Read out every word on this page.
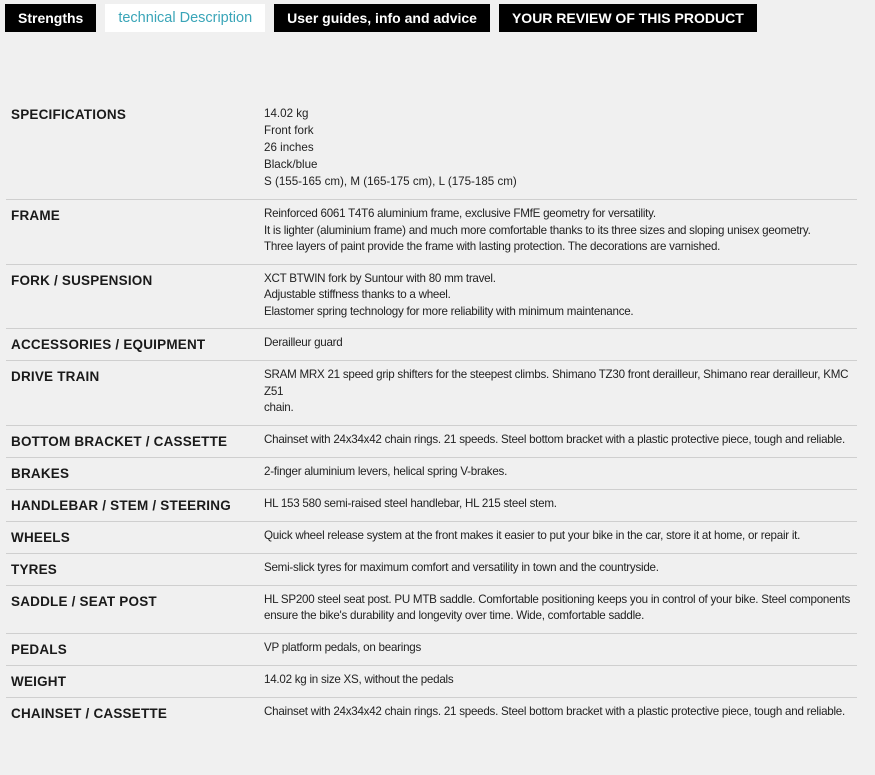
Strengths	technical Description	User guides, info and advice	YOUR REVIEW OF THIS PRODUCT
SPECIFICATIONS	14.02 kg
Front fork
26 inches
Black/blue
S (155-165 cm), M (165-175 cm), L (175-185 cm)
FRAME	Reinforced 6061 T4T6 aluminium frame, exclusive FMfE geometry for versatility.
It is lighter (aluminium frame) and much more comfortable thanks to its three sizes and sloping unisex geometry.
Three layers of paint provide the frame with lasting protection. The decorations are varnished.
FORK / SUSPENSION	XCT BTWIN fork by Suntour with 80 mm travel.
Adjustable stiffness thanks to a wheel.
Elastomer spring technology for more reliability with minimum maintenance.
ACCESSORIES / EQUIPMENT	Derailleur guard
DRIVE TRAIN	SRAM MRX 21 speed grip shifters for the steepest climbs. Shimano TZ30 front derailleur, Shimano rear derailleur, KMC Z51
chain.
BOTTOM BRACKET / CASSETTE	Chainset with 24x34x42 chain rings. 21 speeds. Steel bottom bracket with a plastic protective piece, tough and reliable.
BRAKES	2-finger aluminium levers, helical spring V-brakes.
HANDLEBAR / STEM / STEERING	HL 153 580 semi-raised steel handlebar, HL 215 steel stem.
WHEELS	Quick wheel release system at the front makes it easier to put your bike in the car, store it at home, or repair it.
TYRES	Semi-slick tyres for maximum comfort and versatility in town and the countryside.
SADDLE / SEAT POST	HL SP200 steel seat post. PU MTB saddle. Comfortable positioning keeps you in control of your bike. Steel components
ensure the bike's durability and longevity over time. Wide, comfortable saddle.
PEDALS	VP platform pedals, on bearings
WEIGHT	14.02 kg in size XS, without the pedals
CHAINSET / CASSETTE	Chainset with 24x34x42 chain rings. 21 speeds. Steel bottom bracket with a plastic protective piece, tough and reliable.
